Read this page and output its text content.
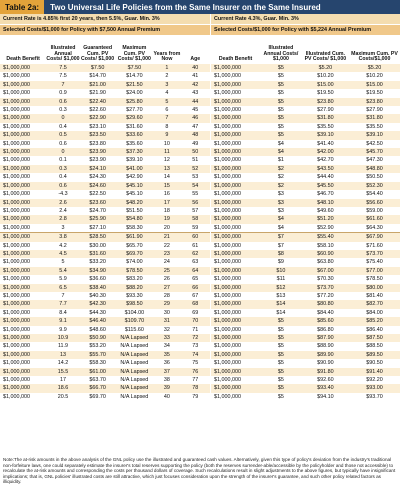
Table 2a:	Two Universal Life Policies from the Same Insurer on the Same Insured
Current Rate is 4.85% first 20 years, then 5.5%, Guar. Min. 3%
Selected Costs/$1,000 for Policy with $7,500 Annual Premium
Death Benefit	Illustrated Annual Costs/ $1,000	Guaranteed Cum. PV Costs/ $1,000	Maximum Cum. PV Costs/ $1,000	Years from Now	Age
$1,000,000	7.5	$7.50	$7.50	1	40
$1,000,000	7.5	$14.70	$14.70	2	41
$1,000,000	7	$21.00	$21.50	3	42
$1,000,000	0.9	$21.90	$24.00	4	43
$1,000,000	0.6	$22.40	$25.80	5	44
$1,000,000	0.3	$22.60	$27.70	6	45
$1,000,000	0	$22.90	$29.60	7	46
$1,000,000	0.4	$23.10	$31.60	8	47
$1,000,000	0.5	$23.50	$33.60	9	48
$1,000,000	0.6	$23.80	$35.60	10	49
$1,000,000	0	$23.90	$37.30	11	50
$1,000,000	0.1	$23.90	$39.10	12	51
$1,000,000	0.3	$24.10	$41.00	13	52
$1,000,000	0.4	$24.30	$42.90	14	53
$1,000,000	0.6	$24.60	$45.10	15	54
$1,000,000	-4.3	$22.50	$45.10	16	55
$1,000,000	2.6	$23.60	$48.20	17	56
$1,000,000	2.4	$24.70	$51.50	18	57
$1,000,000	2.8	$25.90	$54.80	19	58
$1,000,000	3	$27.10	$58.30	20	59
$1,000,000	3.8	$28.50	$61.90	21	60
$1,000,000	4.2	$30.00	$65.70	22	61
$1,000,000	4.5	$31.60	$69.70	23	62
$1,000,000	5	$33.20	$74.00	24	63
$1,000,000	5.4	$34.90	$78.50	25	64
$1,000,000	5.9	$36.60	$83.20	26	65
$1,000,000	6.5	$38.40	$88.20	27	66
$1,000,000	7	$40.30	$93.30	28	67
$1,000,000	7.7	$42.30	$98.50	29	68
$1,000,000	8.4	$44.30	$104.00	30	69
$1,000,000	9.1	$46.40	$109.70	31	70
$1,000,000	9.9	$48.60	$115.60	32	71
$1,000,000	10.9	$50.90	N/A Lapsed	33	72
$1,000,000	11.9	$53.20	N/A Lapsed	34	73
$1,000,000	13	$55.70	N/A Lapsed	35	74
$1,000,000	14.2	$58.30	N/A Lapsed	36	75
$1,000,000	15.5	$61.00	N/A Lapsed	37	76
$1,000,000	17	$63.70	N/A Lapsed	38	77
$1,000,000	18.6	$66.70	N/A Lapsed	39	78
$1,000,000	20.5	$69.70	N/A Lapsed	40	79
Current Rate 4.3%, Guar. Min. 3%
Selected Costs/$1,000 for Policy with $5,224 Annual Premium
Death Benefit	Illustrated Annual Costs/ $1,000	Illustrated Cum. PV Costs/ $1,000	Maximum Cum. PV Costs/$1,000
$1,000,000	$5	$5.20	$5.20
$1,000,000	$5	$10.20	$10.20
$1,000,000	$5	$15.00	$15.00
$1,000,000	$5	$19.50	$19.50
$1,000,000	$5	$23.80	$23.80
$1,000,000	$5	$27.90	$27.90
$1,000,000	$5	$31.80	$31.80
$1,000,000	$5	$35.50	$35.50
$1,000,000	$5	$39.10	$39.10
$1,000,000	$4	$41.40	$42.50
$1,000,000	$4	$42.00	$45.70
$1,000,000	$1	$42.70	$47.30
$1,000,000	$2	$43.50	$48.80
$1,000,000	$2	$44.40	$50.50
$1,000,000	$2	$45.50	$52.30
$1,000,000	$3	$46.70	$54.40
$1,000,000	$3	$48.10	$56.60
$1,000,000	$3	$49.60	$59.00
$1,000,000	$4	$51.20	$61.60
$1,000,000	$4	$52.90	$64.30
$1,000,000	$7	$55.40	$67.90
$1,000,000	$7	$58.10	$71.60
$1,000,000	$8	$60.90	$73.70
$1,000,000	$9	$63.80	$75.40
$1,000,000	$10	$67.00	$77.00
$1,000,000	$11	$70.30	$78.50
$1,000,000	$12	$73.70	$80.00
$1,000,000	$13	$77.20	$81.40
$1,000,000	$14	$80.80	$82.70
$1,000,000	$14	$84.40	$84.00
$1,000,000	$5	$85.60	$85.20
$1,000,000	$5	$86.80	$86.40
$1,000,000	$5	$87.90	$87.50
$1,000,000	$5	$88.90	$88.50
$1,000,000	$5	$89.90	$89.50
$1,000,000	$5	$90.90	$90.50
$1,000,000	$5	$91.80	$91.40
$1,000,000	$5	$92.60	$92.20
$1,000,000	$5	$93.40	$93.00
$1,000,000	$5	$94.10	$93.70
Note:The at-risk amounts in the above analysis of the GNL policy use the illustrated and guaranteed cash values. Alternatively, given this type of policy's deviation from the industry's traditional non-forfeiture laws, one could separately estimate the insurer's total reserves supporting the policy (both the reserves surrender-able/accessible by the policyholder and those not accessible) to recalculate the at-risk amounts and corresponding the costs per thousand dollars of coverage. Such recalculations result in slight adjustments to the above figures, but typically have insignificant implications; that is, GNL policies' illustrated costs are still attractive, which just focuses consideration upon the strength of the insurer's guarantee, and such other policy related factors as illiquidity.
